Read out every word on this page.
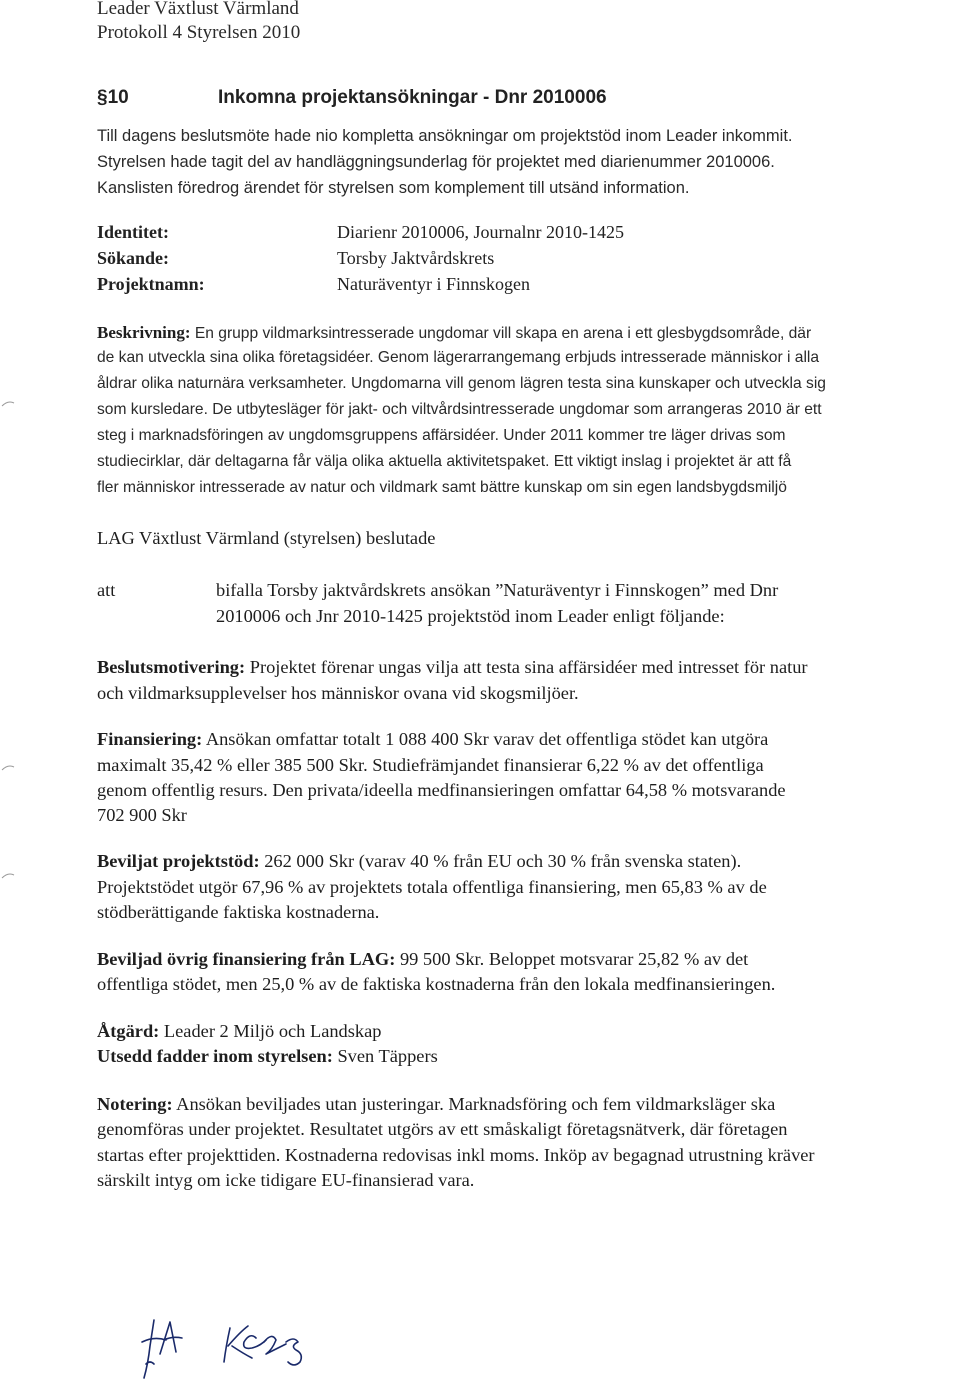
Leader Växtlust Värmland
Protokoll 4 Styrelsen 2010
§10	Inkomna projektansökningar - Dnr 2010006
Till dagens beslutsmöte hade nio kompletta ansökningar om projektstöd inom Leader inkommit.
Styrelsen hade tagit del av handläggningsunderlag för projektet med diarienummer 2010006.
Kanslisten föredrog ärendet för styrelsen som komplement till utsänd information.
Identitet:	Diarienr 2010006, Journalnr 2010-1425
Sökande:	Torsby Jaktvårdskrets
Projektnamn:	Naturäventyr i Finnskogen
Beskrivning: En grupp vildmarksintresserade ungdomar vill skapa en arena i ett glesbygdsområde, där
de kan utveckla sina olika företagsidéer. Genom lägerarrangemang erbjuds intresserade människor i alla
åldrar olika naturnära verksamheter. Ungdomarna vill genom lägren testa sina kunskaper och utveckla sig
som kursledare. De utbytesläger för jakt- och viltvårdsintresserade ungdomar som arrangeras 2010 är ett
steg i marknadsföringen av ungdomsgruppens affärsidéer. Under 2011 kommer tre läger drivas som
studiecirklar, där deltagarna får välja olika aktuella aktivitetspaket. Ett viktigt inslag i projektet är att få
fler människor intresserade av natur och vildmark samt bättre kunskap om sin egen landsbygdsmiljö
LAG Växtlust Värmland (styrelsen) beslutade
att	bifalla Torsby jaktvårdskrets ansökan ”Naturäventyr i Finnskogen” med Dnr
2010006 och Jnr 2010-1425 projektstöd inom Leader enligt följande:
Beslutsmotivering: Projektet förenar ungas vilja att testa sina affärsidéer med intresset för natur
och vildmarksupplevelser hos människor ovana vid skogsmiljöer.
Finansiering: Ansökan omfattar totalt 1 088 400 Skr varav det offentliga stödet kan utgöra
maximalt 35,42 % eller 385 500 Skr. Studiefrämjandet finansierar 6,22 % av det offentliga
genom offentlig resurs. Den privata/ideella medfinansieringen omfattar 64,58 % motsvarande
702 900 Skr
Beviljat projektstöd: 262 000 Skr (varav 40 % från EU och 30 % från svenska staten).
Projektstödet utgör 67,96 % av projektets totala offentliga finansiering, men 65,83 % av de
stödberättigande faktiska kostnaderna.
Beviljad övrig finansiering från LAG: 99 500 Skr. Beloppet motsvarar 25,82 % av det
offentliga stödet, men 25,0 % av de faktiska kostnaderna från den lokala medfinansieringen.
Åtgärd: Leader 2 Miljö och Landskap
Utsedd fadder inom styrelsen: Sven Täppers
Notering: Ansökan beviljades utan justeringar. Marknadsföring och fem vildmarksläger ska
genomföras under projektet. Resultatet utgörs av ett småskaligt företagsnätverk, där företagen
startas efter projekttiden. Kostnaderna redovisas inkl moms. Inköp av begagnad utrustning kräver
särskilt intyg om icke tidigare EU-finansierad vara.
